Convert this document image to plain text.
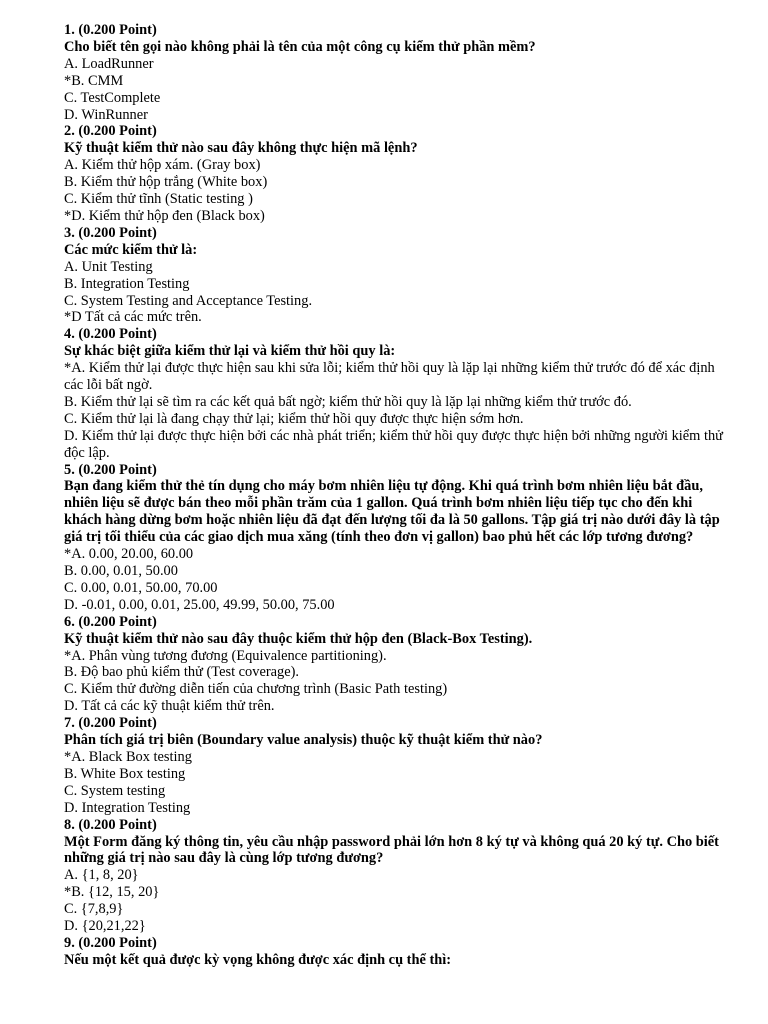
1. (0.200 Point)
Cho biết tên gọi nào không phải là tên của một công cụ kiểm thử phần mềm?
A. LoadRunner
*B. CMM
C. TestComplete
D. WinRunner
2. (0.200 Point)
Kỹ thuật kiểm thử nào sau đây không thực hiện mã lệnh?
A. Kiểm thử hộp xám. (Gray box)
B. Kiểm thử hộp trắng (White box)
C. Kiểm thử tĩnh (Static testing )
*D. Kiểm thử hộp đen (Black box)
3. (0.200 Point)
Các mức kiểm thử là:
A. Unit Testing
B. Integration Testing
C. System Testing and Acceptance Testing.
*D Tất cả các mức trên.
4. (0.200 Point)
Sự khác biệt giữa kiểm thử lại và kiểm thử hồi quy là:
*A. Kiểm thử lại được thực hiện sau khi sửa lỗi; kiểm thử hồi quy là lặp lại những kiểm thử trước đó để xác định các lỗi bất ngờ.
B. Kiểm thử lại sẽ tìm ra các kết quả bất ngờ; kiểm thử hồi quy là lặp lại những kiểm thử trước đó.
C. Kiểm thử lại là đang chạy thử lại; kiểm thử hồi quy được thực hiện sớm hơn.
D. Kiểm thử lại được thực hiện bởi các nhà phát triển; kiểm thử hồi quy được thực hiện bởi những người kiểm thử độc lập.
5. (0.200 Point)
Bạn đang kiểm thử thẻ tín dụng cho máy bơm nhiên liệu tự động. Khi quá trình bơm nhiên liệu bắt đầu, nhiên liệu sẽ được bán theo mỗi phần trăm của 1 gallon. Quá trình bơm nhiên liệu tiếp tục cho đến khi khách hàng dừng bơm hoặc nhiên liệu đã đạt đến lượng tối đa là 50 gallons. Tập giá trị nào dưới đây là tập giá trị tối thiểu của các giao dịch mua xăng (tính theo đơn vị gallon) bao phủ hết các lớp tương đương?
*A. 0.00, 20.00, 60.00
B. 0.00, 0.01, 50.00
C. 0.00, 0.01, 50.00, 70.00
D. -0.01, 0.00, 0.01, 25.00, 49.99, 50.00, 75.00
6. (0.200 Point)
Kỹ thuật kiểm thử nào sau đây thuộc kiểm thử hộp đen (Black-Box Testing).
*A. Phân vùng tương đương (Equivalence partitioning).
B. Độ bao phủ kiểm thử (Test coverage).
C. Kiểm thử đường diễn tiến của chương trình (Basic Path testing)
D. Tất cả các kỹ thuật kiểm thử trên.
7. (0.200 Point)
Phân tích giá trị biên (Boundary value analysis) thuộc kỹ thuật kiểm thử nào?
*A. Black Box testing
B. White Box testing
C. System testing
D. Integration Testing
8. (0.200 Point)
Một Form đăng ký thông tin, yêu cầu nhập password phải lớn hơn 8 ký tự và không quá 20 ký tự. Cho biết những giá trị nào sau đây là cùng lớp tương đương?
A. {1, 8, 20}
*B. {12, 15, 20}
C. {7,8,9}
D. {20,21,22}
9. (0.200 Point)
Nếu một kết quả được kỳ vọng không được xác định cụ thể thì:
